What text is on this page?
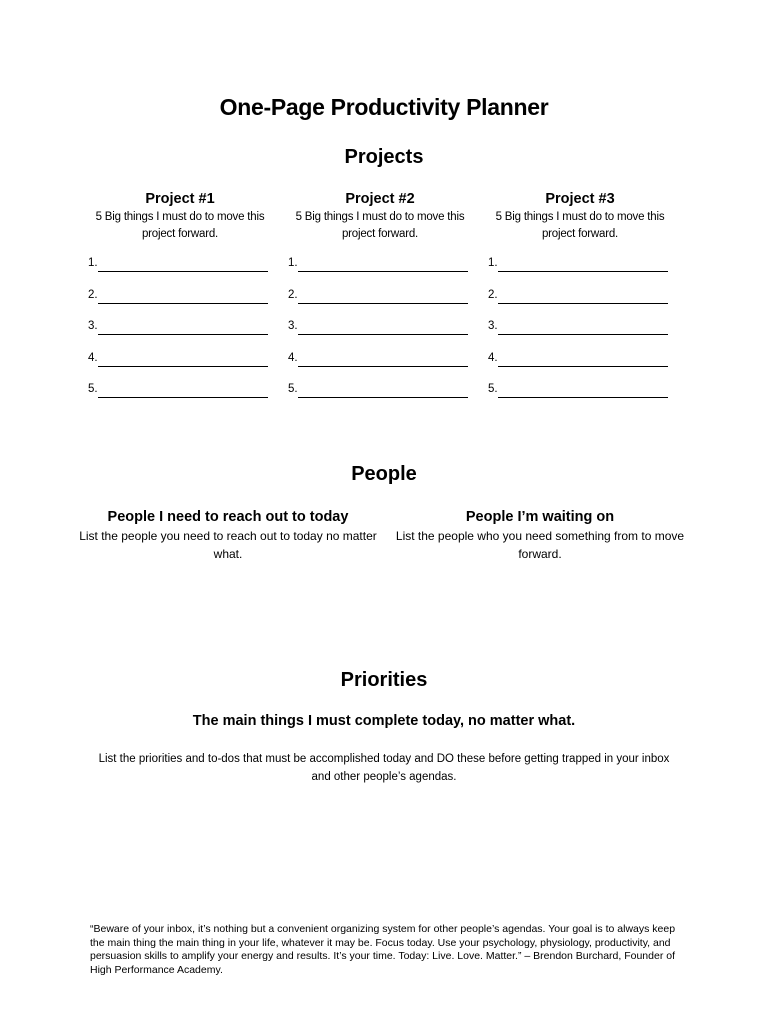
One-Page Productivity Planner
Projects

Project #1

5 Big things I must do to move this project forward.

1.
2.
3.
4.
5.

Project #2

5 Big things I must do to move this project forward.

1.
2.
3.
4.
5.

Project #3

5 Big things I must do to move this project forward.

1.
2.
3.
4.
5.
People

People I need to reach out to today

List the people you need to reach out to today no matter what.

People I’m waiting on

List the people who you need something from to move forward.

Priorities
The main things I must complete today, no matter what.
List the priorities and to-dos that must be accomplished today and DO these before getting trapped in your inbox and other people’s agendas.
“Beware of your inbox, it’s nothing but a convenient organizing system for other people’s agendas. Your goal is to always keep the main thing the main thing in your life, whatever it may be. Focus today. Use your psychology, physiology, productivity, and persuasion skills to amplify your energy and results. It’s your time. Today: Live. Love. Matter.” – Brendon Burchard, Founder of High Performance Academy.
